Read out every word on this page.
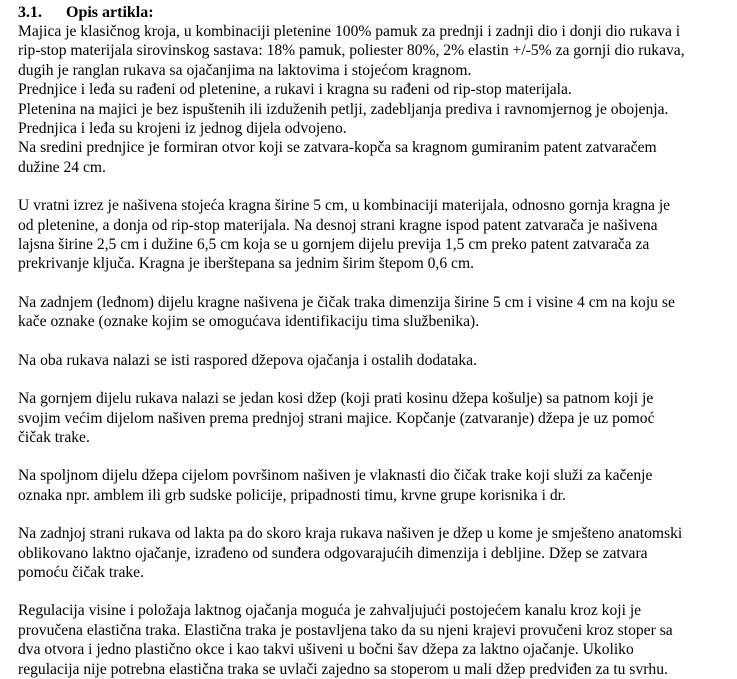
3.1. Opis artikla:
Majica je klasičnog kroja, u kombinaciji pletenine 100% pamuk za prednji i zadnji dio i donji dio rukava i
rip-stop materijala sirovinskog sastava: 18% pamuk, poliester 80%, 2% elastin +/-5% za gornji dio rukava,
dugih je ranglan rukava sa ojačanjima na laktovima i stojećom kragnom.
Prednjice i leđa su rađeni od pletenine, a rukavi i kragna su rađeni od rip-stop materijala.
Pletenina na majici je bez ispuštenih ili izduženih petlji, zadebljanja prediva i ravnomjernog je obojenja.
Prednjica i leđa su krojeni iz jednog dijela odvojeno.
Na sredini prednjice je formiran otvor koji se zatvara-kopča sa kragnom gumiranim patent zatvaračem
dužine 24 cm.
U vratni izrez je našivena stojeća kragna širine 5 cm, u kombinaciji materijala, odnosno gornja kragna je
od pletenine, a donja od rip-stop materijala. Na desnoj strani kragne ispod patent zatvarača je našivena
lajsna širine 2,5 cm i dužine 6,5 cm koja se u gornjem dijelu previja 1,5 cm preko patent zatvarača za
prekrivanje ključa. Kragna je iberštepana sa jednim širim štepom 0,6 cm.
Na zadnjem (leđnom) dijelu kragne našivena je čičak traka dimenzija širine 5 cm i visine 4 cm na koju se
kače oznake (oznake kojim se omogućava identifikaciju tima službenika).
Na oba rukava nalazi se isti raspored džepova ojačanja i ostalih dodataka.
Na gornjem dijelu rukava nalazi se jedan kosi džep (koji prati kosinu džepa košulje) sa patnom koji je
svojim većim dijelom našiven prema prednjoj strani majice. Kopčanje (zatvaranje) džepa je uz pomoć
čičak trake.
Na spoljnom dijelu džepa cijelom površinom našiven je vlaknasti dio čičak trake koji služi za kačenje
oznaka npr. amblem ili grb sudske policije, pripadnosti timu, krvne grupe korisnika i dr.
Na zadnjoj strani rukava od lakta pa do skoro kraja rukava našiven je džep u kome je smješteno anatomski
oblikovano laktno ojačanje, izrađeno od sunđera odgovarajućih dimenzija i debljine. Džep se zatvara
pomoću čičak trake.
Regulacija visine i položaja laktnog ojačanja moguća je zahvaljujući postojećem kanalu kroz koji je
provučena elastična traka. Elastična traka je postavljena tako da su njeni krajevi provučeni kroz stoper sa
dva otvora i jedno plastično okce i kao takvi ušiveni u bočni šav džepa za laktno ojačanje. Ukoliko
regulacija nije potrebna elastična traka se uvlači zajedno sa stoperom u mali džep predviđen za tu svrhu.
